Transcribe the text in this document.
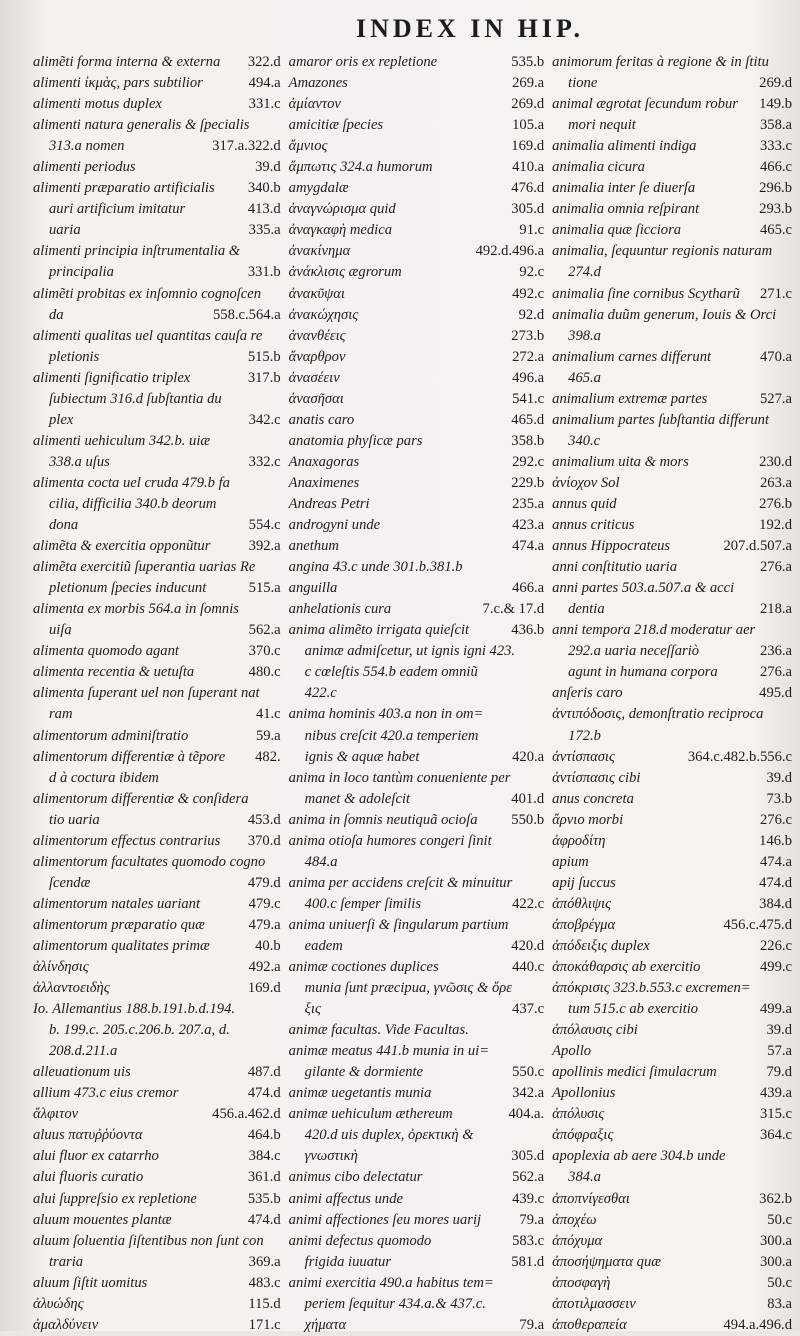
INDEX IN HIP.
alimẽti forma interna & externa	322.d
alimenti ἰκμὰς, pars subtilior	494.a
alimenti motus duplex	331.c
alimenti natura generalis & ſpecialis
313.a nomen	317.a.322.d
alimenti periodus	39.d
alimenti præparatio artificialis	340.b
auri artificium imitatur	413.d
uaria	335.a
alimenti principia inſtrumentalia &
principalia	331.b
alimẽti probitas ex inſomnio cognoſcen
da	558.c.564.a
alimenti qualitas uel quantitas cauſa re
pletionis	515.b
alimenti ſignificatio triplex	317.b
ſubiectum 316.d ſubſtantia du
plex	342.c
alimenti uehiculum 342.b. uiæ
338.a uſus	332.c
alimenta cocta uel cruda 479.b fa
cilia, difficilia 340.b deorum
dona	554.c
alimẽta & exercitia opponũtur	392.a
alimẽta exercitiũ ſuperantia uarias Re
pletionum ſpecies inducunt	515.a
alimenta ex morbis 564.a in ſomnis
uiſa	562.a
alimenta quomodo agant	370.c
alimenta recentia & uetuſta	480.c
alimenta ſuperant uel non ſuperant nat
ram	41.c
alimentorum adminiſtratio	59.a
alimentorum differentiæ à tẽpore	482.
d à coctura ibidem
alimentorum differentiæ & conſidera
tio uaria	453.d
alimentorum effectus contrarius	370.d
alimentorum facultates quomodo cogno
ſcendæ	479.d
alimentorum natales uariant	479.c
alimentorum præparatio quæ	479.a
alimentorum qualitates primæ	40.b
ἀλίνδησις	492.a
ἀλλαντοειδὴς	169.d
Io. Allemantius 188.b.191.b.d.194.
b. 199.c. 205.c.206.b. 207.a, d.
208.d.211.a
alleuationum uis	487.d
allium 473.c eius cremor	474.d
ἄλφιτον	456.a.462.d
aluus πατυῤῥύοντα	464.b
alui fluor ex catarrho	384.c
alui fluoris curatio	361.d
alui ſuppreſsio ex repletione	535.b
aluum mouentes plantæ	474.d
aluum ſoluentia ſiſtentibus non ſunt con
traria	369.a
aluum ſiſtit uomitus	483.c
ἀλυώδης	115.d
ἀμαλδύνειν	171.c
amaror oris ex repletione	535.b
Amazones	269.a
ἀμίαντον	269.d
amicitiæ ſpecies	105.a
ἄμνιος	169.d
ἄμπωτις 324.a humorum	410.a
amygdalæ	476.d
ἀναγνώρισμα quid	305.d
ἀναγκαφὴ medica	91.c
ἀνακίνημα	492.d.496.a
ἀνάκλισις ægrorum	92.c
ἀνακῦψαι	492.c
ἀνακώχησις	92.d
ἀνανθέεις	273.b
ἄναρθρον	272.a
ἀνασέειν	496.a
ἀνασῆσαι	541.c
anatis caro	465.d
anatomia phyſicæ pars	358.b
Anaxagoras	292.c
Anaximenes	229.b
Andreas Petri	235.a
androgyni unde	423.a
anethum	474.a
angina 43.c unde 301.b.381.b
anguilla	466.a
anhelationis cura	7.c.& 17.d
anima alimẽto irrigata quieſcit	436.b
animæ admiſcetur, ut ignis igni 423.
c cœleſtis 554.b eadem omniũ
422.c
anima hominis 403.a non in om=
nibus creſcit 420.a temperiem
ignis & aquæ habet	420.a
anima in loco tantùm conueniente per
manet & adoleſcit	401.d
anima in ſomnis neutiquã ocioſa	550.b
anima otioſa humores congeri ſinit
484.a
anima per accidens creſcit & minuitur
400.c ſemper ſimilis	422.c
anima uniuerſi & ſingularum partium
eadem	420.d
animæ coctiones duplices	440.c
munia ſunt præcipua, γνῶσις & ὄρε
ξις	437.c
animæ facultas. Vide Facultas.
animæ meatus 441.b munia in ui=
gilante & dormiente	550.c
animæ uegetantis munia	342.a
animæ uehiculum æthereum	404.a.
420.d uis duplex, ὀρεκτικὴ &
γνωστικὴ	305.d
animus cibo delectatur	562.a
animi affectus unde	439.c
animi affectiones ſeu mores uarij	79.a
animi defectus quomodo	583.c
frigida iuuatur	581.d
animi exercitia 490.a habitus tem=
periem ſequitur 434.a.& 437.c.
χήματα	79.a
animorum feritas à regione & in ſtitu
tione	269.d
animal ægrotat ſecundum robur	149.b
mori nequit	358.a
animalia alimenti indiga	333.c
animalia cicura	466.c
animalia inter ſe diuerſa	296.b
animalia omnia reſpirant	293.b
animalia quæ ſicciora	465.c
animalia, ſequuntur regionis naturam
274.d
animalia ſine cornibus Scytharũ	271.c
animalia duũm generum, Iouis & Orci
398.a
animalium carnes differunt	470.a
465.a
animalium extremæ partes	527.a
animalium partes ſubſtantia differunt
340.c
animalium uita & mors	230.d
ἀνίοχον Sol	263.a
annus quid	276.b
annus criticus	192.d
annus Hippocrateus	207.d.507.a
anni conſtitutio uaria	276.a
anni partes 503.a.507.a & acci
dentia	218.a
anni tempora 218.d moderatur aer
292.a uaria neceſſariò	236.a
agunt in humana corpora	276.a
anſeris caro	495.d
ἀντιπόδοσις, demonſtratio reciproca
172.b
ἀντίσπασις	364.c.482.b.556.c
ἀντίσπασις cibi	39.d
anus concreta	73.b
ἄρνιο morbi	276.c
ἀφροδίτη	146.b
apium	474.a
apij ſuccus	474.d
ἀπόθλιψις	384.d
ἀποβρέγμα	456.c.475.d
ἀπόδειξις duplex	226.c
ἀποκάθαρσις ab exercitio	499.c
ἀπόκρισις 323.b.553.c excremen=
tum 515.c ab exercitio	499.a
ἀπόλαυσις cibi	39.d
Apollo	57.a
apollinis medici ſimulacrum	79.d
Apollonius	439.a
ἀπόλυσις	315.c
ἀπόφραξις	364.c
apoplexia ab aere 304.b unde
384.a
ἀποπνίγεσθαι	362.b
ἀποχέω	50.c
ἀπόχυμα	300.a
ἀποσήψηματα quæ	300.a
ἀποσφαγὴ	50.c
ἀποτιλμασσειν	83.a
ἀποθεραπεία	494.a.496.d
